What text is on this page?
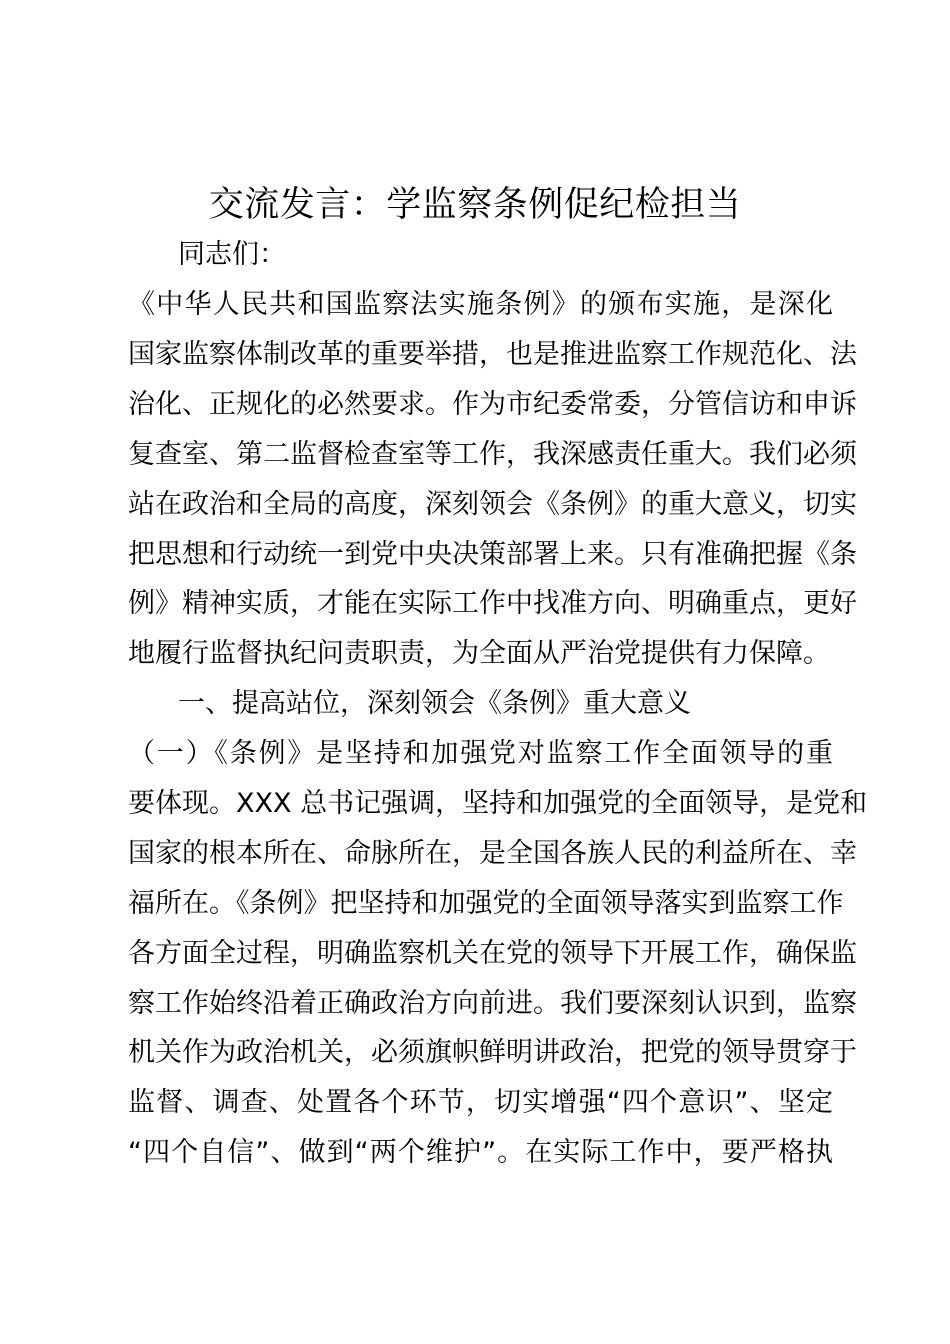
交流发言：学监察条例促纪检担当
同志们：
《中华人民共和国监察法实施条例》的颁布实施，是深化
国家监察体制改革的重要举措，也是推进监察工作规范化、法
治化、正规化的必然要求。作为市纪委常委，分管信访和申诉
复查室、第二监督检查室等工作，我深感责任重大。我们必须
站在政治和全局的高度，深刻领会《条例》的重大意义，切实
把思想和行动统一到党中央决策部署上来。只有准确把握《条
例》精神实质，才能在实际工作中找准方向、明确重点，更好
地履行监督执纪问责职责，为全面从严治党提供有力保障。
一、提高站位，深刻领会《条例》重大意义
（一）《条例》是坚持和加强党对监察工作全面领导的重
要体现。XXX 总书记强调，坚持和加强党的全面领导，是党和
国家的根本所在、命脉所在，是全国各族人民的利益所在、幸
福所在。《条例》把坚持和加强党的全面领导落实到监察工作
各方面全过程，明确监察机关在党的领导下开展工作，确保监
察工作始终沿着正确政治方向前进。我们要深刻认识到，监察
机关作为政治机关，必须旗帜鲜明讲政治，把党的领导贯穿于
监督、调查、处置各个环节，切实增强“四个意识”、坚定
“四个自信”、做到“两个维护”。在实际工作中，要严格执
